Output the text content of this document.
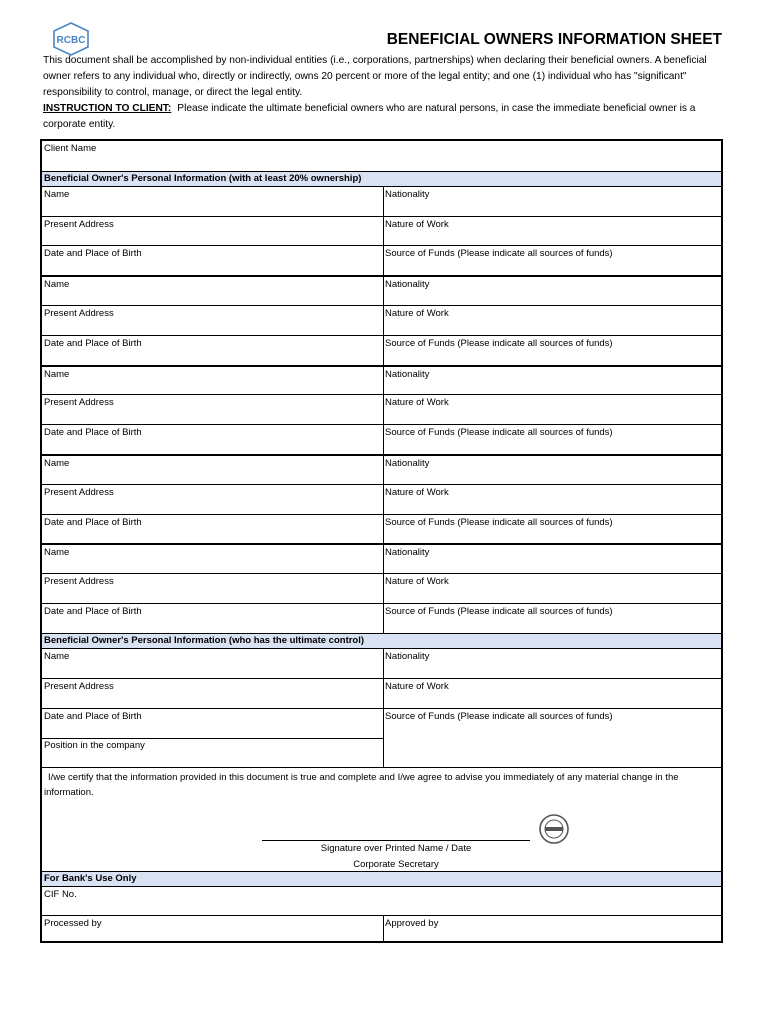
RCBC	BENEFICIAL OWNERS INFORMATION SHEET
This document shall be accomplished by non-individual entities (i.e., corporations, partnerships) when declaring their beneficial owners. A beneficial owner refers to any individual who, directly or indirectly, owns 20 percent or more of the legal entity; and one (1) individual who has "significant" responsibility to control, manage, or direct the legal entity.
INSTRUCTION TO CLIENT: Please indicate the ultimate beneficial owners who are natural persons, in case the immediate beneficial owner is a corporate entity.
Client Name
Beneficial Owner's Personal Information (with at least 20% ownership)
Name	Nationality
Present Address	Nature of Work
Date and Place of Birth	Source of Funds (Please indicate all sources of funds)
Name	Nationality
Present Address	Nature of Work
Date and Place of Birth	Source of Funds (Please indicate all sources of funds)
Name	Nationality
Present Address	Nature of Work
Date and Place of Birth	Source of Funds (Please indicate all sources of funds)
Name	Nationality
Present Address	Nature of Work
Date and Place of Birth	Source of Funds (Please indicate all sources of funds)
Name	Nationality
Present Address	Nature of Work
Date and Place of Birth	Source of Funds (Please indicate all sources of funds)
Beneficial Owner's Personal Information (who has the ultimate control)
Name	Nationality
Present Address	Nature of Work
Date and Place of Birth	Source of Funds (Please indicate all sources of funds)
Position in the company
I/we certify that the information provided in this document is true and complete and I/we agree to advise you immediately of any material change in the information.
Signature over Printed Name / Date
Corporate Secretary
For Bank's Use Only
CIF No.
Processed by	Approved by
